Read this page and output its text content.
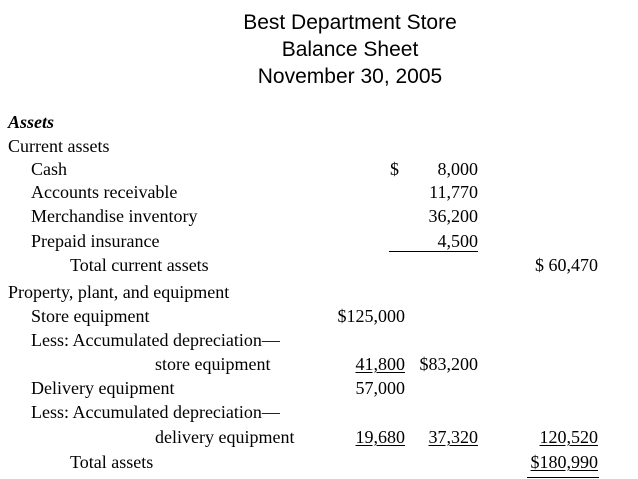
Best Department Store
Balance Sheet
November 30, 2005
Assets
Current assets
Cash	$ 8,000
Accounts receivable	11,770
Merchandise inventory	36,200
Prepaid insurance	4,500
Total current assets	$ 60,470
Property, plant, and equipment
Store equipment	$125,000
Less: Accumulated depreciation—
store equipment	41,800 $83,200
Delivery equipment	57,000
Less: Accumulated depreciation—
delivery equipment	19,680 37,320	120,520
Total assets	$180,990
